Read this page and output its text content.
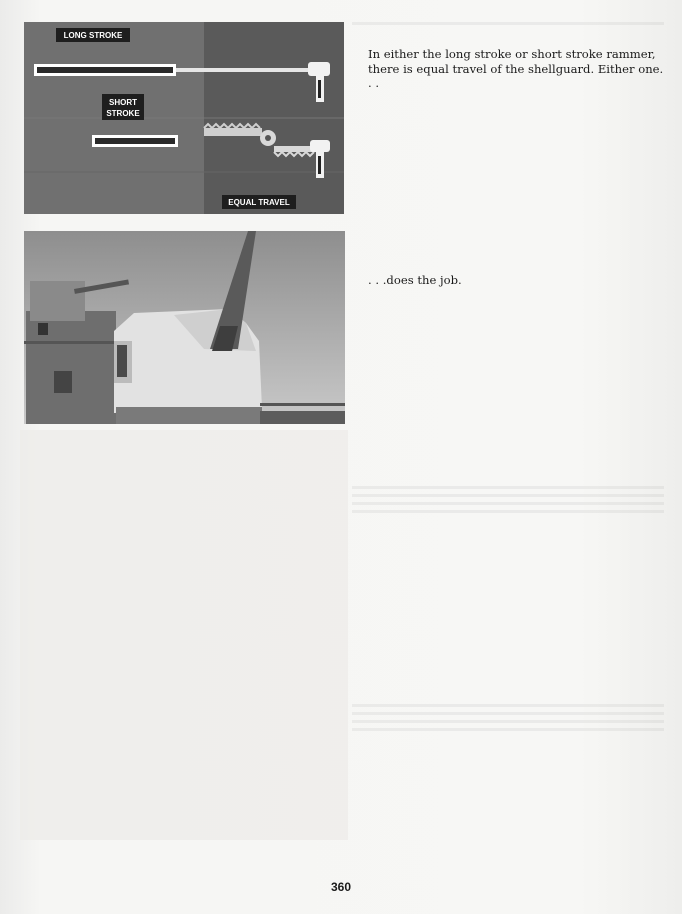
LONG STROKE
SHORT
STROKE
EQUAL TRAVEL

In either the long stroke or short stroke rammer, there is equal travel of the shellguard. Either one. . .

. . .does the job.

360
